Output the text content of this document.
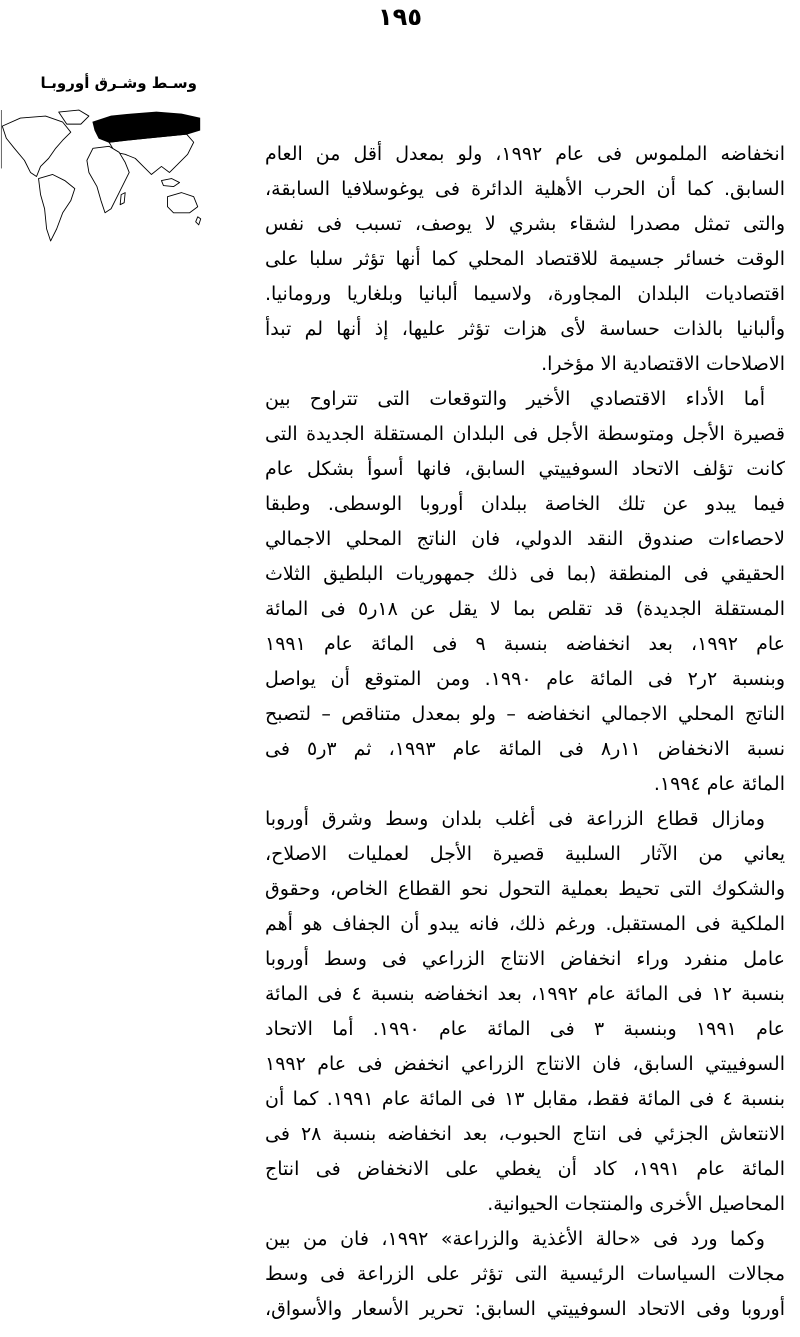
١٩٥
وسـط وشـرق أوروبـا
انخفاضه الملموس فى عام ١٩٩٢، ولو بمعدل أقل من العام
السابق. كما أن الحرب الأهلية الدائرة فى يوغوسلافيا السابقة،
والتى تمثل مصدرا لشقاء بشري لا يوصف، تسبب فى نفس
الوقت خسائر جسيمة للاقتصاد المحلي كما أنها تؤثر سلبا على
اقتصاديات البلدان المجاورة، ولاسيما ألبانيا وبلغاريا ورومانيا.
وألبانيا بالذات حساسة لأى هزات تؤثر عليها، إذ أنها لم تبدأ
الاصلاحات الاقتصادية الا مؤخرا.
أما الأداء الاقتصادي الأخير والتوقعات التى تتراوح بين
قصيرة الأجل ومتوسطة الأجل فى البلدان المستقلة الجديدة التى
كانت تؤلف الاتحاد السوفييتي السابق، فانها أسوأ بشكل عام
فيما يبدو عن تلك الخاصة ببلدان أوروبا الوسطى. وطبقا
لاحصاءات صندوق النقد الدولي، فان الناتج المحلي الاجمالي
الحقيقي فى المنطقة (بما فى ذلك جمهوريات البلطيق الثلاث
المستقلة الجديدة) قد تقلص بما لا يقل عن ١٨ر٥ فى المائة
عام ١٩٩٢، بعد انخفاضه بنسبة ٩ فى المائة عام ١٩٩١
وبنسبة ٢ر٢ فى المائة عام ١٩٩٠. ومن المتوقع أن يواصل
الناتج المحلي الاجمالي انخفاضه – ولو بمعدل متناقص – لتصبح
نسبة الانخفاض ١١ر٨ فى المائة عام ١٩٩٣، ثم ٣ر٥ فى
المائة عام ١٩٩٤.
ومازال قطاع الزراعة فى أغلب بلدان وسط وشرق أوروبا
يعاني من الآثار السلبية قصيرة الأجل لعمليات الاصلاح،
والشكوك التى تحيط بعملية التحول نحو القطاع الخاص، وحقوق
الملكية فى المستقبل. ورغم ذلك، فانه يبدو أن الجفاف هو أهم
عامل منفرد وراء انخفاض الانتاج الزراعي فى وسط أوروبا
بنسبة ١٢ فى المائة عام ١٩٩٢، بعد انخفاضه بنسبة ٤ فى المائة
عام ١٩٩١ وبنسبة ٣ فى المائة عام ١٩٩٠. أما الاتحاد
السوفييتي السابق، فان الانتاج الزراعي انخفض فى عام ١٩٩٢
بنسبة ٤ فى المائة فقط، مقابل ١٣ فى المائة عام ١٩٩١. كما أن
الانتعاش الجزئي فى انتاج الحبوب، بعد انخفاضه بنسبة ٢٨ فى
المائة عام ١٩٩١، كاد أن يغطي على الانخفاض فى انتاج
المحاصيل الأخرى والمنتجات الحيوانية.
وكما ورد فى «حالة الأغذية والزراعة» ١٩٩٢، فان من بين
مجالات السياسات الرئيسية التى تؤثر على الزراعة فى وسط
أوروبا وفى الاتحاد السوفييتي السابق: تحرير الأسعار والأسواق،
